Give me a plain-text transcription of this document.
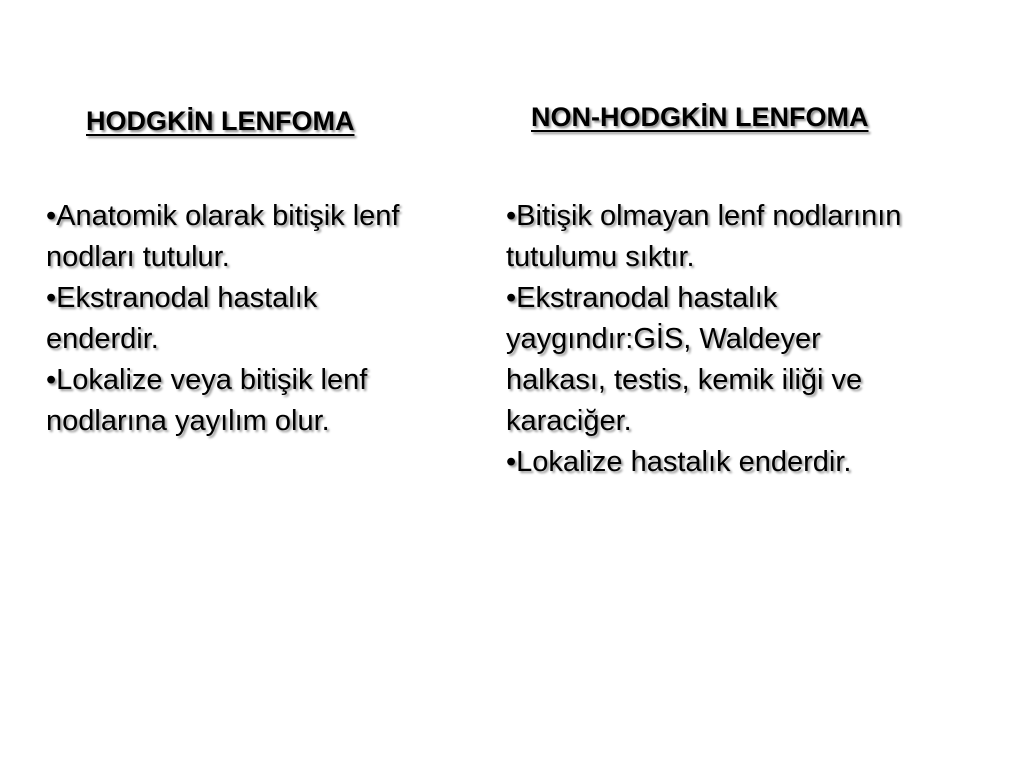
HODGKİN LENFOMA	NON-HODGKİN LENFOMA
•Anatomik olarak bitişik lenf
nodları tutulur.
•Ekstranodal hastalık
enderdir.
•Lokalize veya bitişik lenf
nodlarına yayılım olur.
•Bitişik olmayan lenf nodlarının
tutulumu sıktır.
•Ekstranodal hastalık
yaygındır:GİS, Waldeyer
halkası, testis, kemik iliği ve
karaciğer.
•Lokalize hastalık enderdir.
